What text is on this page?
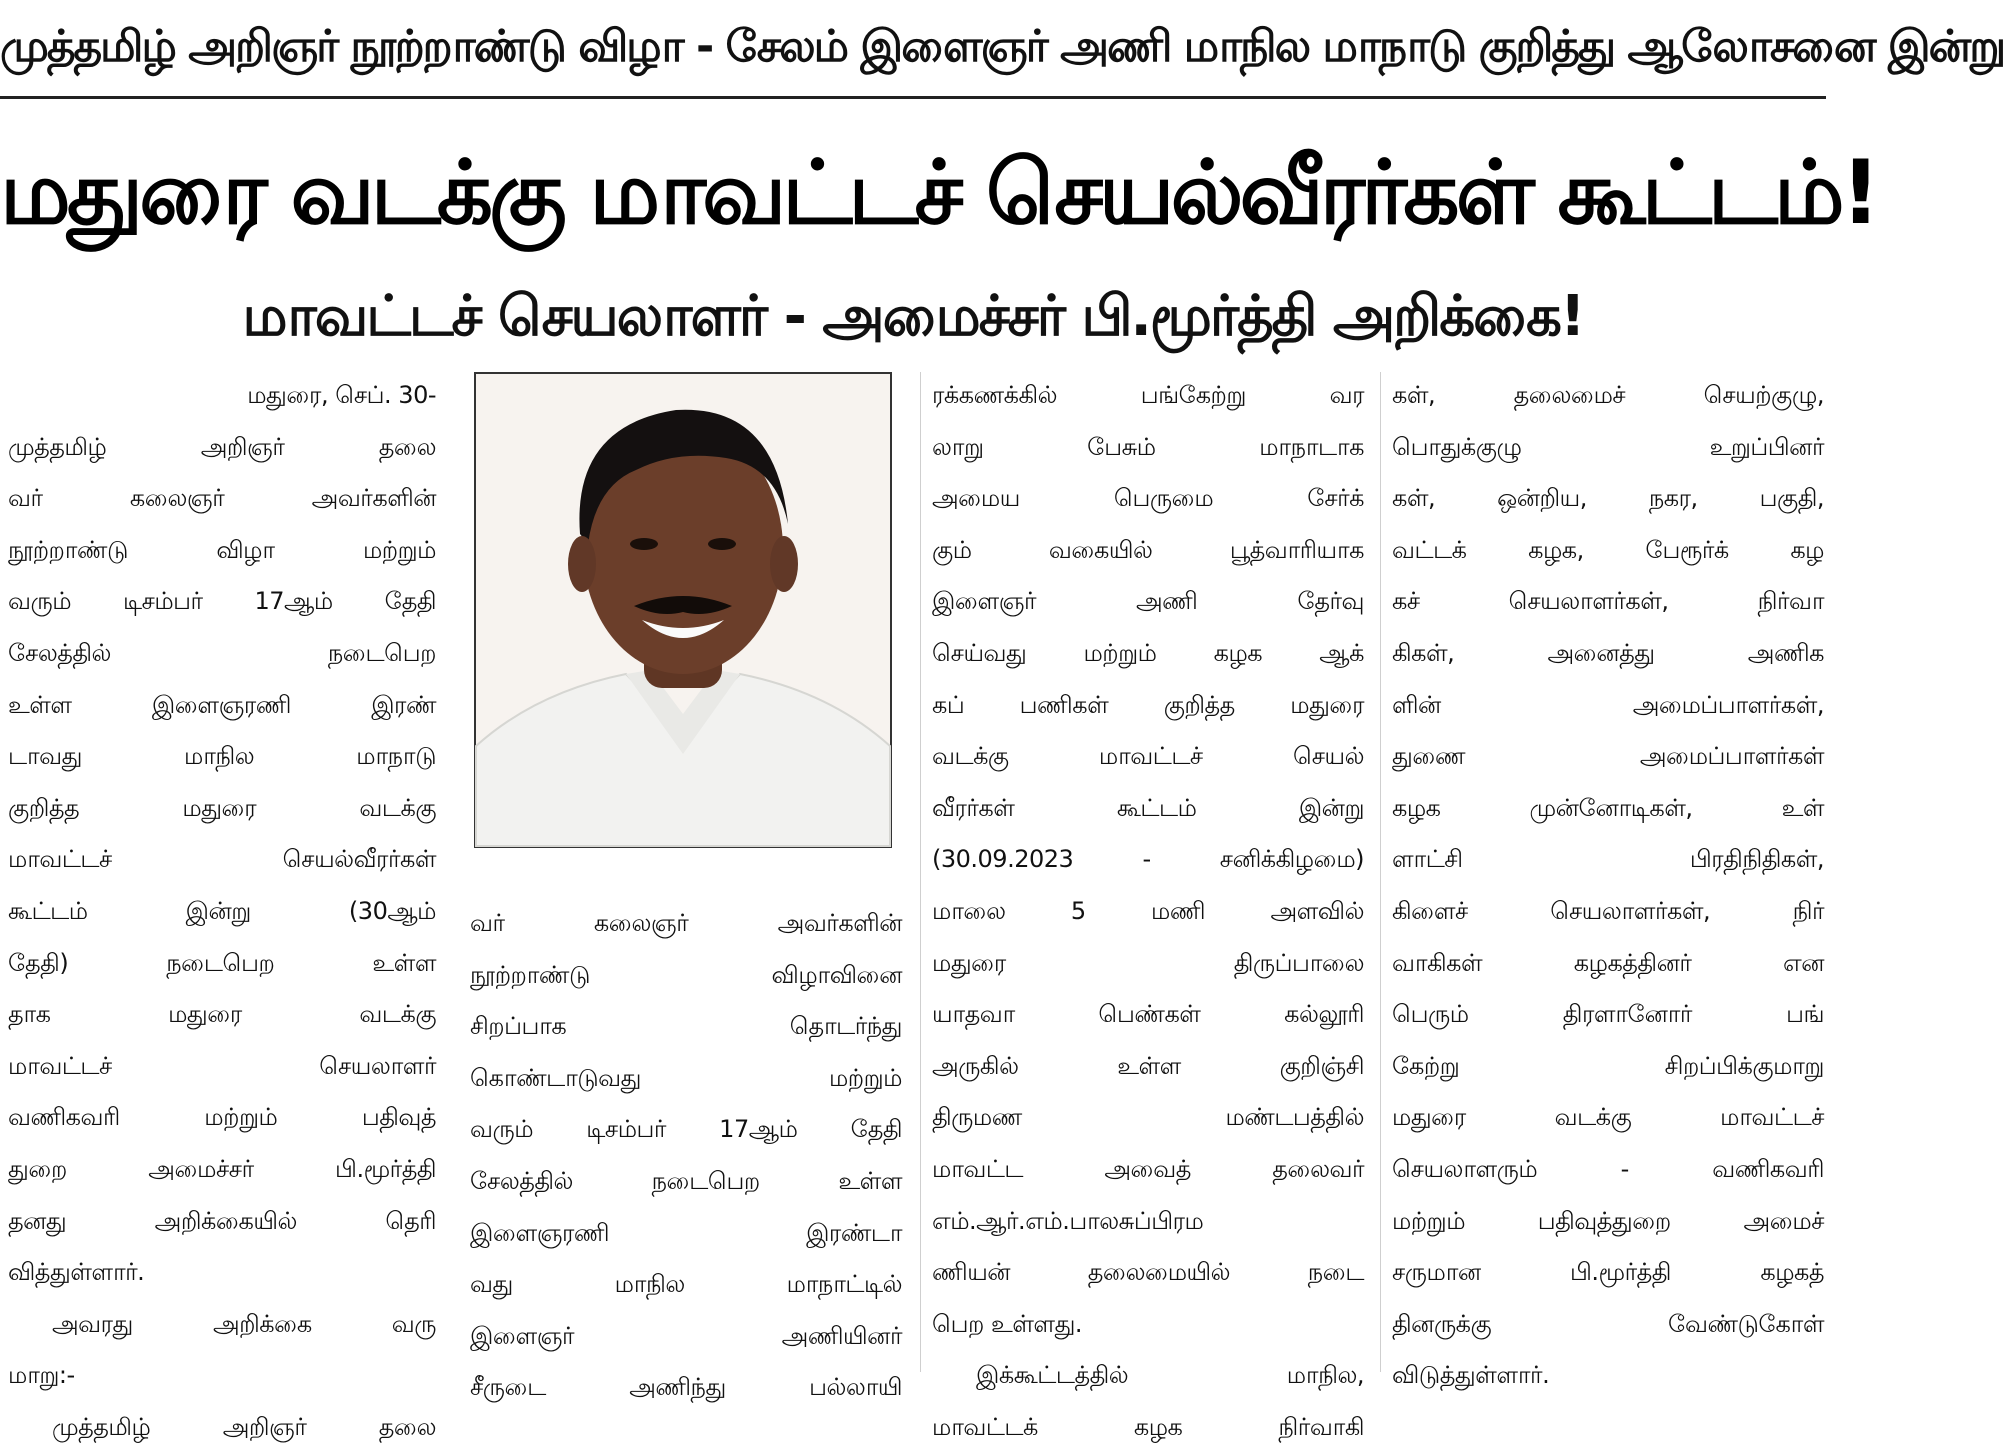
முத்தமிழ் அறிஞர் நூற்றாண்டு விழா - சேலம் இளைஞர் அணி மாநில மாநாடு குறித்து ஆலோசனை இன்று
மதுரை வடக்கு மாவட்டச் செயல்வீரர்கள் கூட்டம்!
மாவட்டச் செயலாளர் - அமைச்சர் பி.மூர்த்தி அறிக்கை!
மதுரை, செப். 30-
முத்தமிழ் அறிஞர் தலை
வர் கலைஞர் அவர்களின்
நூற்றாண்டு விழா மற்றும்
வரும் டிசம்பர் 17ஆம் தேதி
சேலத்தில் நடைபெற
உள்ள இளைஞரணி இரண்
டாவது மாநில மாநாடு
குறித்த மதுரை வடக்கு
மாவட்டச் செயல்வீரர்கள்
கூட்டம் இன்று (30ஆம்
தேதி) நடைபெற உள்ள
தாக மதுரை வடக்கு
மாவட்டச் செயலாளர்
வணிகவரி மற்றும் பதிவுத்
துறை அமைச்சர் பி.மூர்த்தி
தனது அறிக்கையில் தெரி
வித்துள்ளார்.
அவரது அறிக்கை வரு
மாறு:-
முத்தமிழ் அறிஞர் தலை
வர் கலைஞர் அவர்களின்
நூற்றாண்டு விழாவினை
சிறப்பாக தொடர்ந்து
கொண்டாடுவது மற்றும்
வரும் டிசம்பர் 17ஆம் தேதி
சேலத்தில் நடைபெற உள்ள
இளைஞரணி இரண்டா
வது மாநில மாநாட்டில்
இளைஞர் அணியினர்
சீருடை அணிந்து பல்லாயி
ரக்கணக்கில் பங்கேற்று வர
லாறு பேசும் மாநாடாக
அமைய பெருமை சேர்க்
கும் வகையில் பூத்வாரியாக
இளைஞர் அணி தேர்வு
செய்வது மற்றும் கழக ஆக்
கப் பணிகள் குறித்த மதுரை
வடக்கு மாவட்டச் செயல்
வீரர்கள் கூட்டம் இன்று
(30.09.2023 - சனிக்கிழமை)
மாலை 5 மணி அளவில்
மதுரை திருப்பாலை
யாதவா பெண்கள் கல்லூரி
அருகில் உள்ள குறிஞ்சி
திருமண மண்டபத்தில்
மாவட்ட அவைத் தலைவர்
எம்.ஆர்.எம்.பாலசுப்பிரம
ணியன் தலைமையில் நடை
பெற உள்ளது.
இக்கூட்டத்தில் மாநில,
மாவட்டக் கழக நிர்வாகி
கள், தலைமைச் செயற்குழு,
பொதுக்குழு உறுப்பினர்
கள், ஒன்றிய, நகர, பகுதி,
வட்டக் கழக, பேரூர்க் கழ
கச் செயலாளர்கள், நிர்வா
கிகள், அனைத்து அணிக
ளின் அமைப்பாளர்கள்,
துணை அமைப்பாளர்கள்
கழக முன்னோடிகள், உள்
ளாட்சி பிரதிநிதிகள்,
கிளைச் செயலாளர்கள், நிர்
வாகிகள் கழகத்தினர் என
பெரும் திரளானோர் பங்
கேற்று சிறப்பிக்குமாறு
மதுரை வடக்கு மாவட்டச்
செயலாளரும் - வணிகவரி
மற்றும் பதிவுத்துறை அமைச்
சருமான பி.மூர்த்தி கழகத்
தினருக்கு வேண்டுகோள்
விடுத்துள்ளார்.
